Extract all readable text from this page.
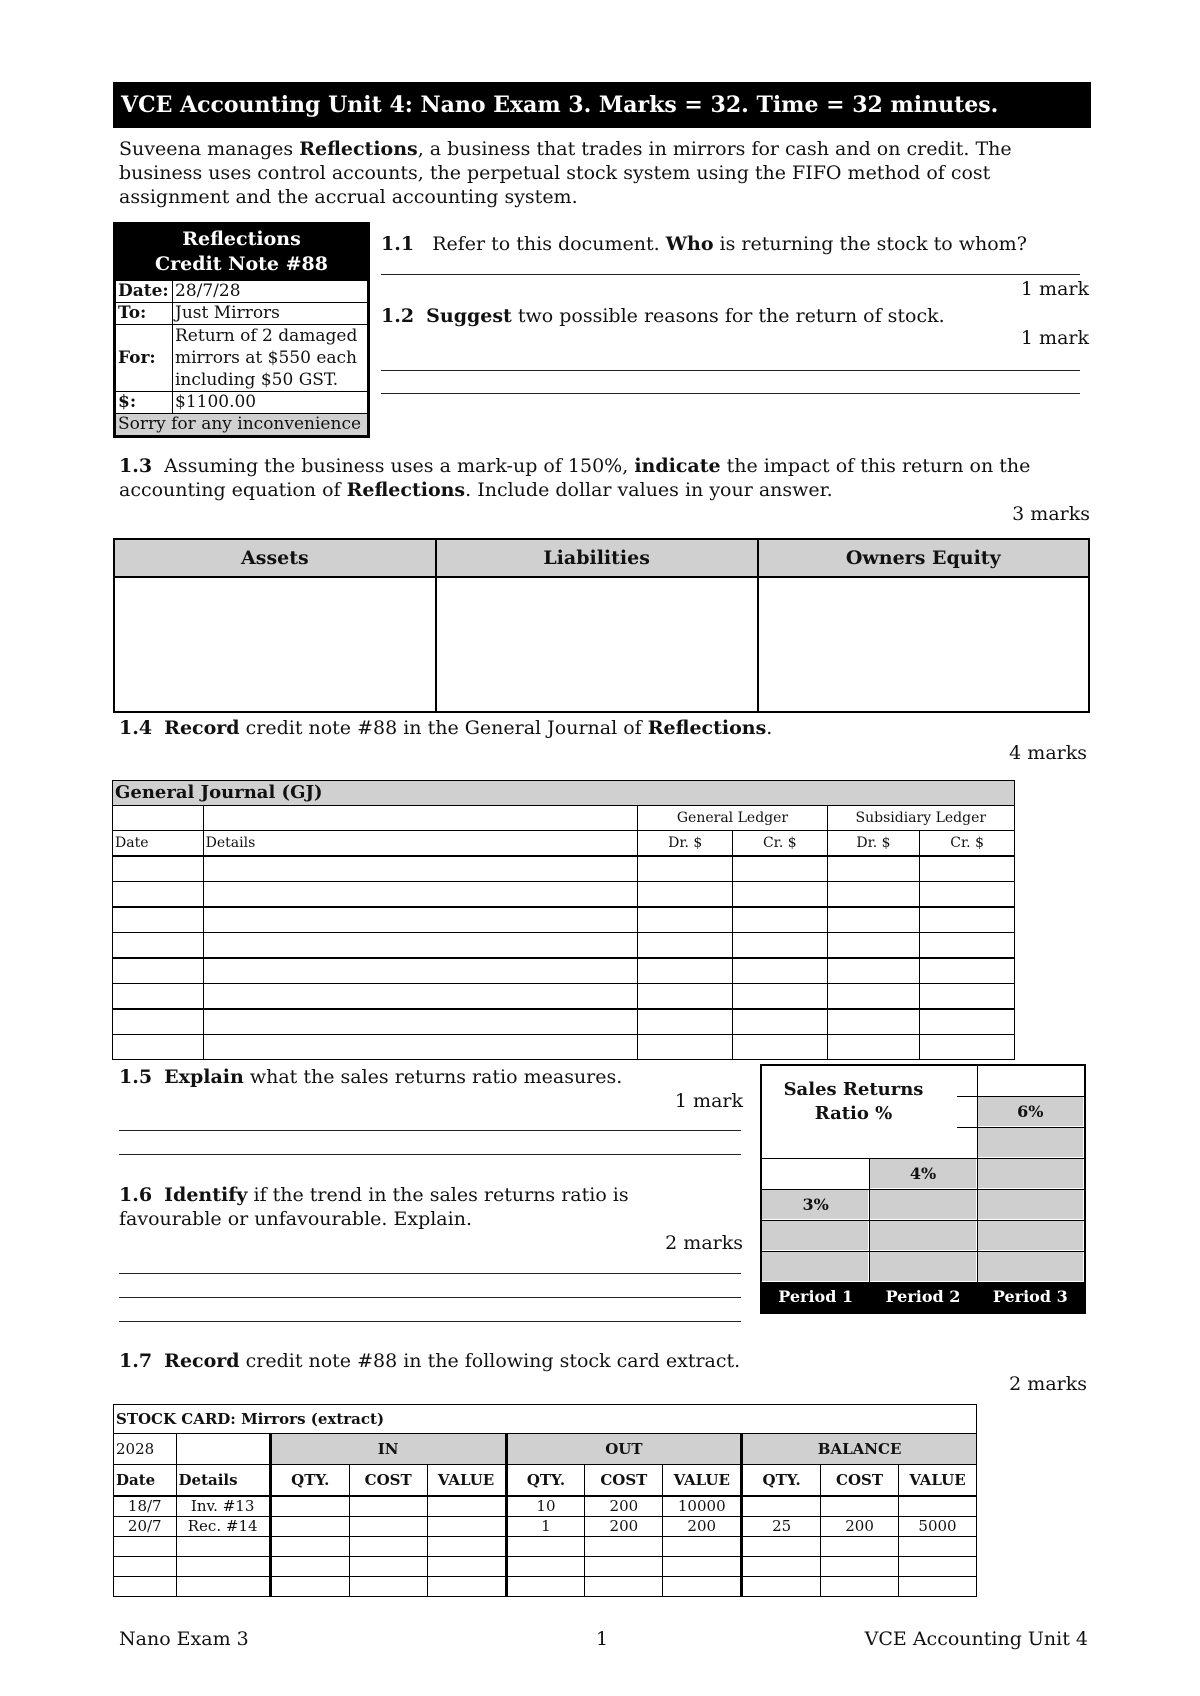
VCE Accounting Unit 4: Nano Exam 3. Marks = 32. Time = 32 minutes.
Suveena manages Reflections, a business that trades in mirrors for cash and on credit. The business uses control accounts, the perpetual stock system using the FIFO method of cost assignment and the accrual accounting system.
Reflections
Credit Note #88
Date:	28/7/28
To:	Just Mirrors
For:	Return of 2 damaged
mirrors at $550 each
including $50 GST.

$:	$1100.00
Sorry for any inconvenience	
1.1 Refer to this document. Who is returning the stock to whom?
1 mark
1.2 Suggest two possible reasons for the return of stock.
1 mark
1.3 Assuming the business uses a mark-up of 150%, indicate the impact of this return on the accounting equation of Reflections. Include dollar values in your answer.
3 marks
Assets	Liabilities	Owners Equity

1.4 Record credit note #88 in the General Journal of Reflections.
4 marks
General Journal (GJ)					
		General Ledger		Subsidiary Ledger	
Date	Details	Dr. $	Cr. $	Dr. $	Cr. $

1.5 Explain what the sales returns ratio measures.
1 mark
1.6 Identify if the trend in the sales returns ratio is favourable or unfavourable. Explain.
2 marks
3%
Period 1
4%
Period 2
6%
Period 3
Sales Returns Ratio %
1.7 Record credit note #88 in the following stock card extract.
2 marks
STOCK CARD: Mirrors (extract)										
2028		IN			OUT			BALANCE		
Date	Details	QTY.	COST	VALUE	QTY.	COST	VALUE	QTY.	COST	VALUE
18/7	Inv. #13				10	200	10000			
20/7	Rec. #14				1	200	200	25	200	5000

Nano Exam 3	1	VCE Accounting Unit 4
